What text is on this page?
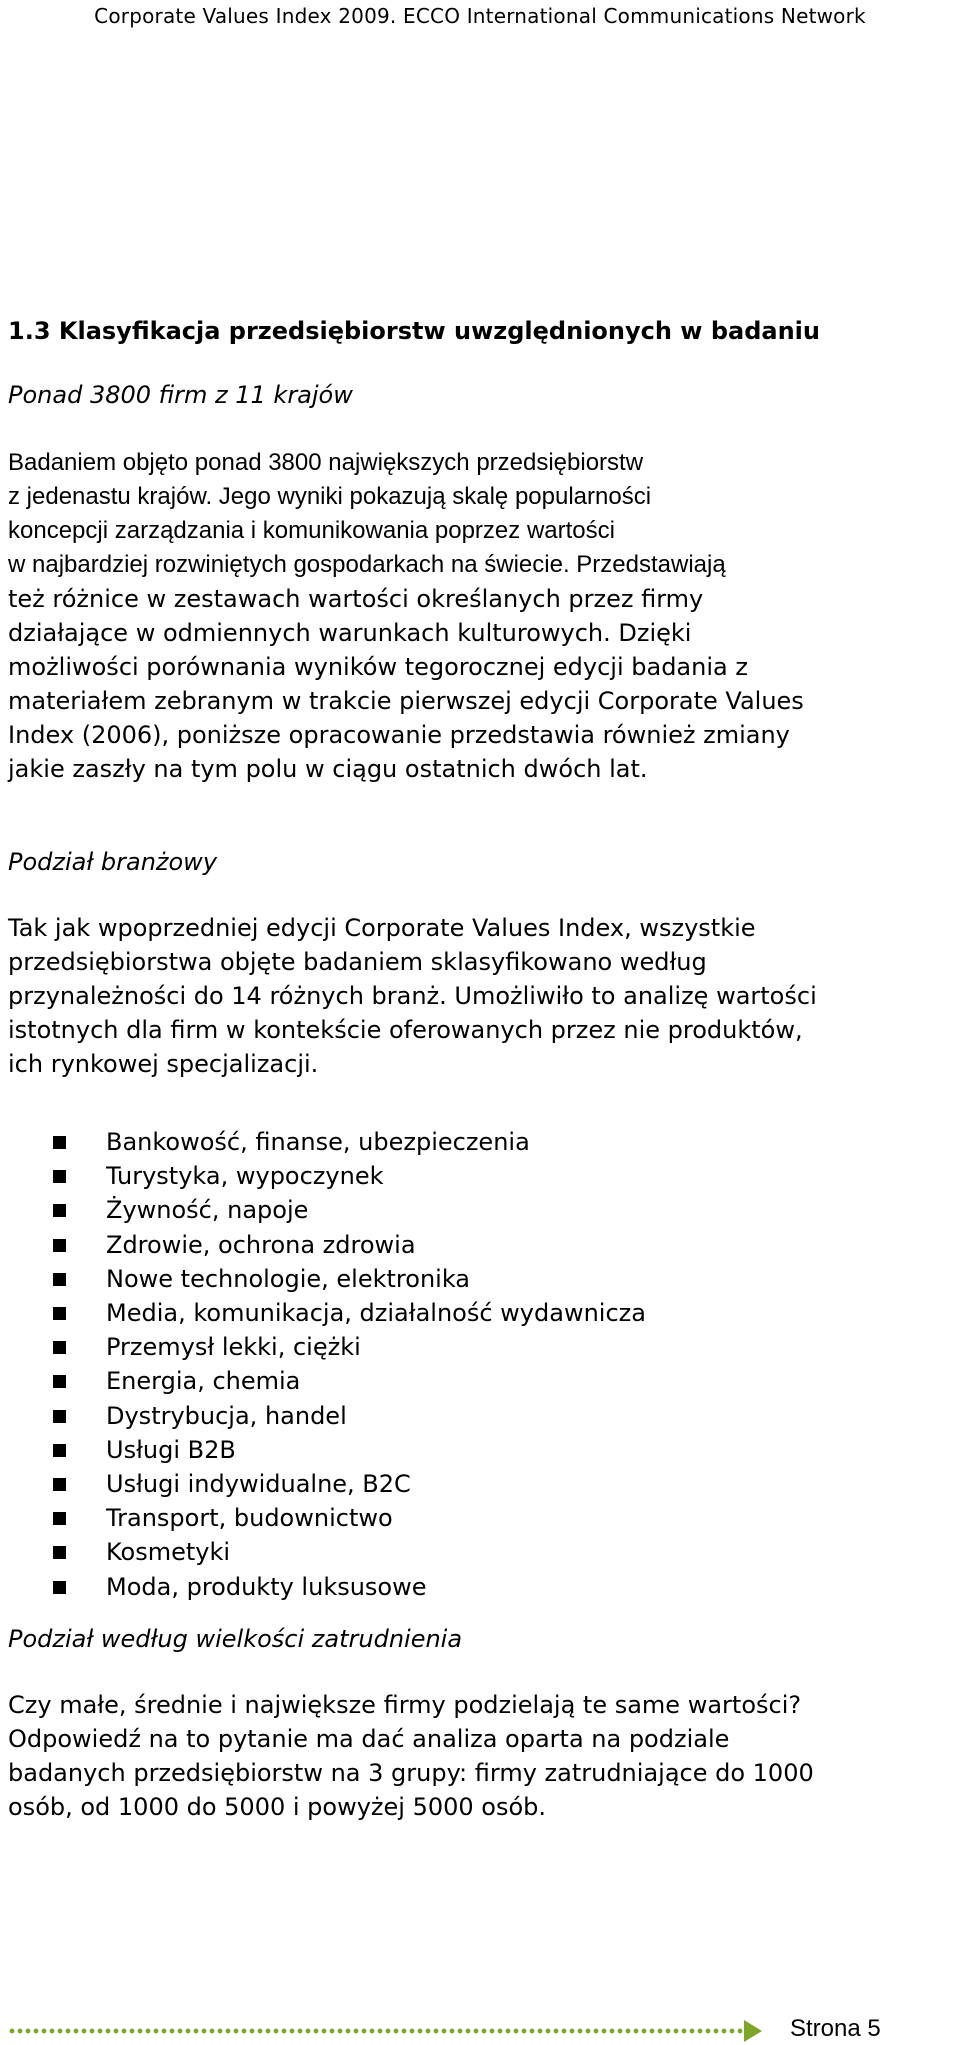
Corporate Values Index 2009. ECCO International Communications Network
1.3 Klasyfikacja przedsiębiorstw uwzględnionych w badaniu
Ponad 3800 firm z 11 krajów
Badaniem objęto ponad 3800 największych przedsiębiorstw
z jedenastu krajów. Jego wyniki pokazują skalę popularności
koncepcji zarządzania i komunikowania poprzez wartości
w najbardziej rozwiniętych gospodarkach na świecie. Przedstawiają
też różnice w zestawach wartości określanych przez firmy
działające w odmiennych warunkach kulturowych. Dzięki
możliwości porównania wyników tegorocznej edycji badania z
materiałem zebranym w trakcie pierwszej edycji Corporate Values
Index (2006), poniższe opracowanie przedstawia również zmiany
jakie zaszły na tym polu w ciągu ostatnich dwóch lat.
Podział branżowy
Tak jak wpoprzedniej edycji Corporate Values Index, wszystkie
przedsiębiorstwa objęte badaniem sklasyfikowano według
przynależności do 14 różnych branż. Umożliwiło to analizę wartości
istotnych dla firm w kontekście oferowanych przez nie produktów,
ich rynkowej specjalizacji.
Bankowość, finanse, ubezpieczenia
Turystyka, wypoczynek
Żywność, napoje
Zdrowie, ochrona zdrowia
Nowe technologie, elektronika
Media, komunikacja, działalność wydawnicza
Przemysł lekki, ciężki
Energia, chemia
Dystrybucja, handel
Usługi B2B
Usługi indywidualne, B2C
Transport, budownictwo
Kosmetyki
Moda, produkty luksusowe
Podział według wielkości zatrudnienia
Czy małe, średnie i największe firmy podzielają te same wartości?
Odpowiedź na to pytanie ma dać analiza oparta na podziale
badanych przedsiębiorstw na 3 grupy: firmy zatrudniające do 1000
osób, od 1000 do 5000 i powyżej 5000 osób.
Strona 5
